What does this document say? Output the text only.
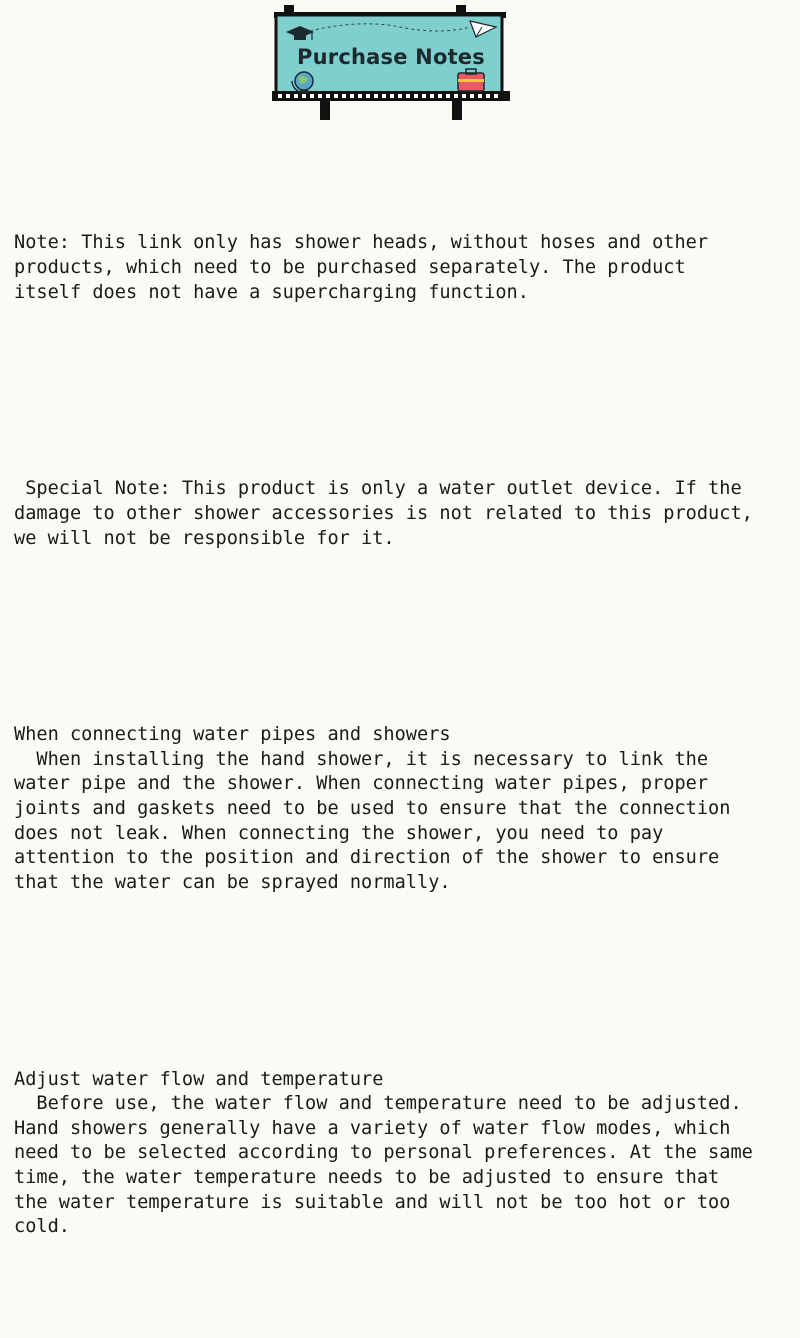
Purchase Notes

Note: This link only has shower heads, without hoses and other
products, which need to be purchased separately. The product
itself does not have a supercharging function.

Special Note: This product is only a water outlet device. If the
damage to other shower accessories is not related to this product,
we will not be responsible for it.

When connecting water pipes and showers
When installing the hand shower, it is necessary to link the
water pipe and the shower. When connecting water pipes, proper
joints and gaskets need to be used to ensure that the connection
does not leak. When connecting the shower, you need to pay
attention to the position and direction of the shower to ensure
that the water can be sprayed normally.

Adjust water flow and temperature
Before use, the water flow and temperature need to be adjusted.
Hand showers generally have a variety of water flow modes, which
need to be selected according to personal preferences. At the same
time, the water temperature needs to be adjusted to ensure that
the water temperature is suitable and will not be too hot or too
cold.
